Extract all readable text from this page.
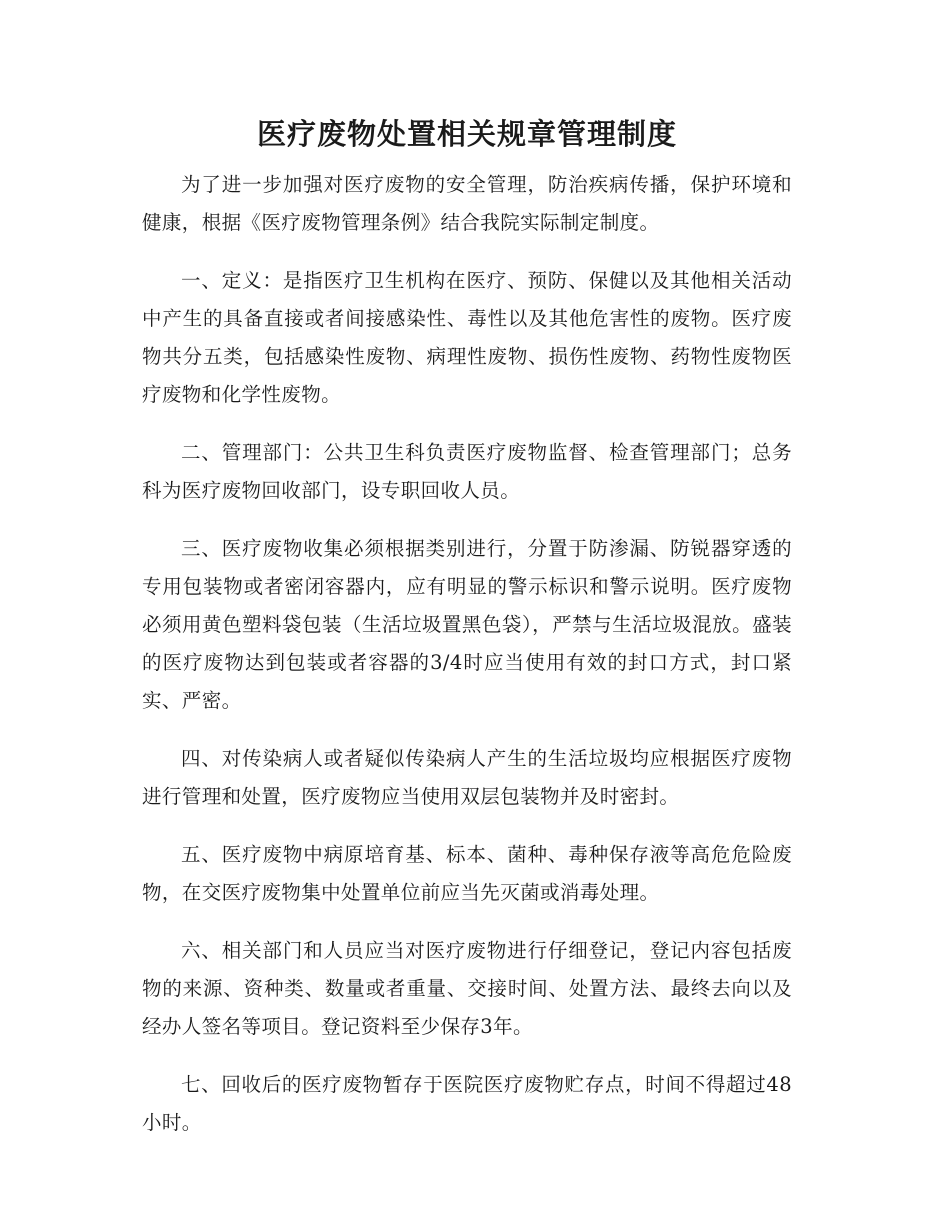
医疗废物处置相关规章管理制度

为了进一步加强对医疗废物的安全管理，防治疾病传播，保护环境和健康，根据《医疗废物管理条例》结合我院实际制定制度。

一、定义：是指医疗卫生机构在医疗、预防、保健以及其他相关活动中产生的具备直接或者间接感染性、毒性以及其他危害性的废物。医疗废物共分五类，包括感染性废物、病理性废物、损伤性废物、药物性废物医疗废物和化学性废物。

二、管理部门：公共卫生科负责医疗废物监督、检查管理部门；总务科为医疗废物回收部门，设专职回收人员。

三、医疗废物收集必须根据类别进行，分置于防渗漏、防锐器穿透的专用包装物或者密闭容器内，应有明显的警示标识和警示说明。医疗废物必须用黄色塑料袋包装（生活垃圾置黑色袋），严禁与生活垃圾混放。盛装的医疗废物达到包装或者容器的3/4时应当使用有效的封口方式，封口紧实、严密。

四、对传染病人或者疑似传染病人产生的生活垃圾均应根据医疗废物进行管理和处置，医疗废物应当使用双层包装物并及时密封。

五、医疗废物中病原培育基、标本、菌种、毒种保存液等高危危险废物，在交医疗废物集中处置单位前应当先灭菌或消毒处理。

六、相关部门和人员应当对医疗废物进行仔细登记，登记内容包括废物的来源、资种类、数量或者重量、交接时间、处置方法、最终去向以及经办人签名等项目。登记资料至少保存3年。

七、回收后的医疗废物暂存于医院医疗废物贮存点，时间不得超过48小时。
